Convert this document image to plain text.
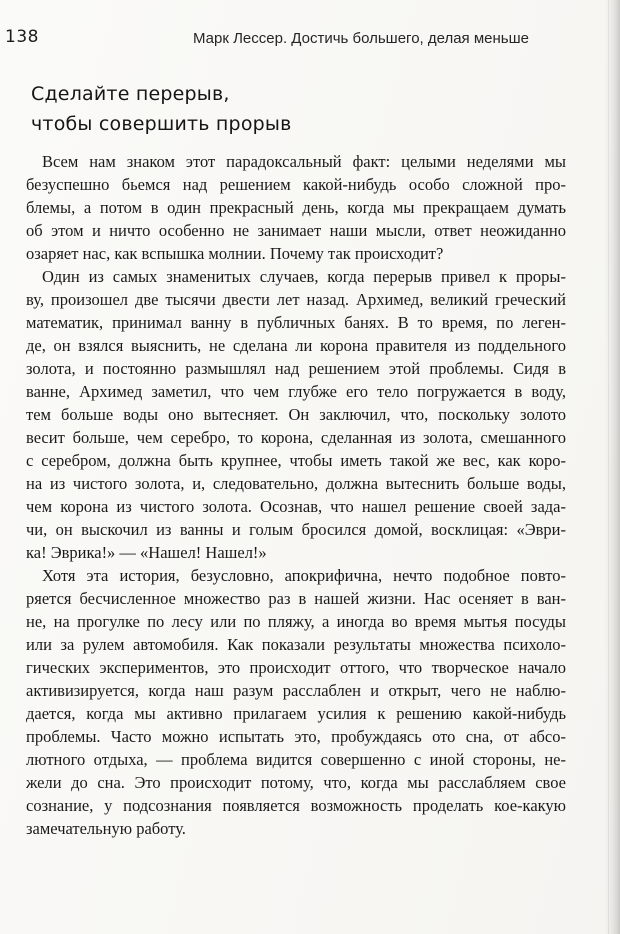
138	Марк Лессер. Достичь большего, делая меньше
Сделайте перерыв,
чтобы совершить прорыв
Всем нам знаком этот парадоксальный факт: целыми неделями мы
безуспешно бьемся над решением какой-нибудь особо сложной про-
блемы, а потом в один прекрасный день, когда мы прекращаем думать
об этом и ничто особенно не занимает наши мысли, ответ неожиданно
озаряет нас, как вспышка молнии. Почему так происходит?
Один из самых знаменитых случаев, когда перерыв привел к проры-
ву, произошел две тысячи двести лет назад. Архимед, великий греческий
математик, принимал ванну в публичных банях. В то время, по леген-
де, он взялся выяснить, не сделана ли корона правителя из поддельного
золота, и постоянно размышлял над решением этой проблемы. Сидя в
ванне, Архимед заметил, что чем глубже его тело погружается в воду,
тем больше воды оно вытесняет. Он заключил, что, поскольку золото
весит больше, чем серебро, то корона, сделанная из золота, смешанного
с серебром, должна быть крупнее, чтобы иметь такой же вес, как коро-
на из чистого золота, и, следовательно, должна вытеснить больше воды,
чем корона из чистого золота. Осознав, что нашел решение своей зада-
чи, он выскочил из ванны и голым бросился домой, восклицая: «Эври-
ка! Эврика!» — «Нашел! Нашел!»
Хотя эта история, безусловно, апокрифична, нечто подобное повто-
ряется бесчисленное множество раз в нашей жизни. Нас осеняет в ван-
не, на прогулке по лесу или по пляжу, а иногда во время мытья посуды
или за рулем автомобиля. Как показали результаты множества психоло-
гических экспериментов, это происходит оттого, что творческое начало
активизируется, когда наш разум расслаблен и открыт, чего не наблю-
дается, когда мы активно прилагаем усилия к решению какой-нибудь
проблемы. Часто можно испытать это, пробуждаясь ото сна, от абсо-
лютного отдыха, — проблема видится совершенно с иной стороны, не-
жели до сна. Это происходит потому, что, когда мы расслабляем свое
сознание, у подсознания появляется возможность проделать кое-какую
замечательную работу.
